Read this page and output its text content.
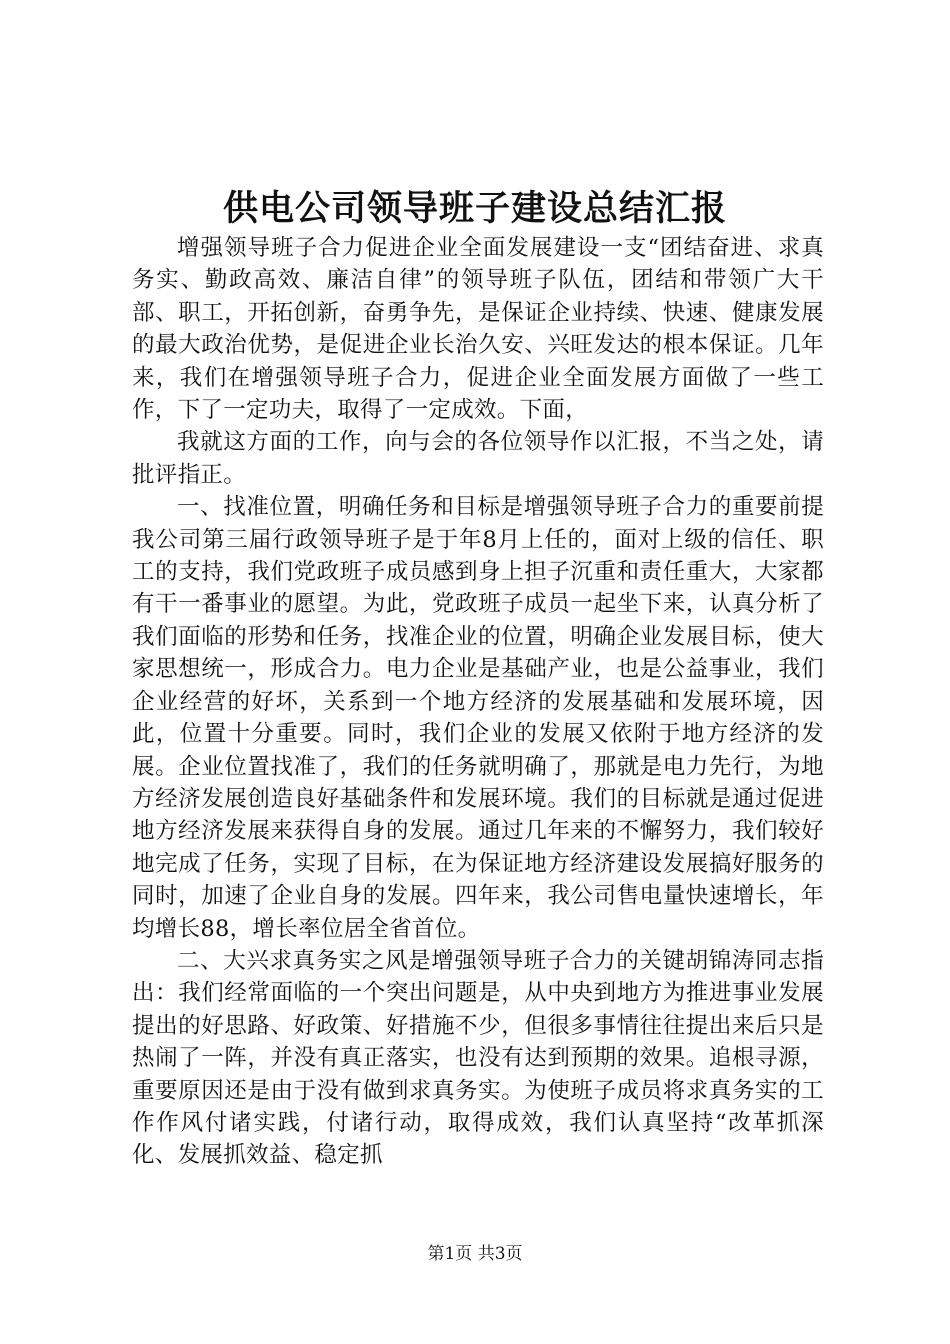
供电公司领导班子建设总结汇报

增强领导班子合力促进企业全面发展建设一支“团结奋进、求真务实、勤政高效、廉洁自律”的领导班子队伍，团结和带领广大干部、职工，开拓创新，奋勇争先，是保证企业持续、快速、健康发展的最大政治优势，是促进企业长治久安、兴旺发达的根本保证。几年来，我们在增强领导班子合力，促进企业全面发展方面做了一些工作，下了一定功夫，取得了一定成效。下面，

我就这方面的工作，向与会的各位领导作以汇报，不当之处，请批评指正。

一、找准位置，明确任务和目标是增强领导班子合力的重要前提我公司第三届行政领导班子是于年8月上任的，面对上级的信任、职工的支持，我们党政班子成员感到身上担子沉重和责任重大，大家都有干一番事业的愿望。为此，党政班子成员一起坐下来，认真分析了我们面临的形势和任务，找准企业的位置，明确企业发展目标，使大家思想统一，形成合力。电力企业是基础产业，也是公益事业，我们企业经营的好坏，关系到一个地方经济的发展基础和发展环境，因此，位置十分重要。同时，我们企业的发展又依附于地方经济的发展。企业位置找准了，我们的任务就明确了，那就是电力先行，为地方经济发展创造良好基础条件和发展环境。我们的目标就是通过促进地方经济发展来获得自身的发展。通过几年来的不懈努力，我们较好地完成了任务，实现了目标，在为保证地方经济建设发展搞好服务的同时，加速了企业自身的发展。四年来，我公司售电量快速增长，年均增长88，增长率位居全省首位。

二、大兴求真务实之风是增强领导班子合力的关键胡锦涛同志指出：我们经常面临的一个突出问题是，从中央到地方为推进事业发展提出的好思路、好政策、好措施不少，但很多事情往往提出来后只是热闹了一阵，并没有真正落实，也没有达到预期的效果。追根寻源，重要原因还是由于没有做到求真务实。为使班子成员将求真务实的工作作风付诸实践，付诸行动，取得成效，我们认真坚持“改革抓深化、发展抓效益、稳定抓

第1页 共3页
